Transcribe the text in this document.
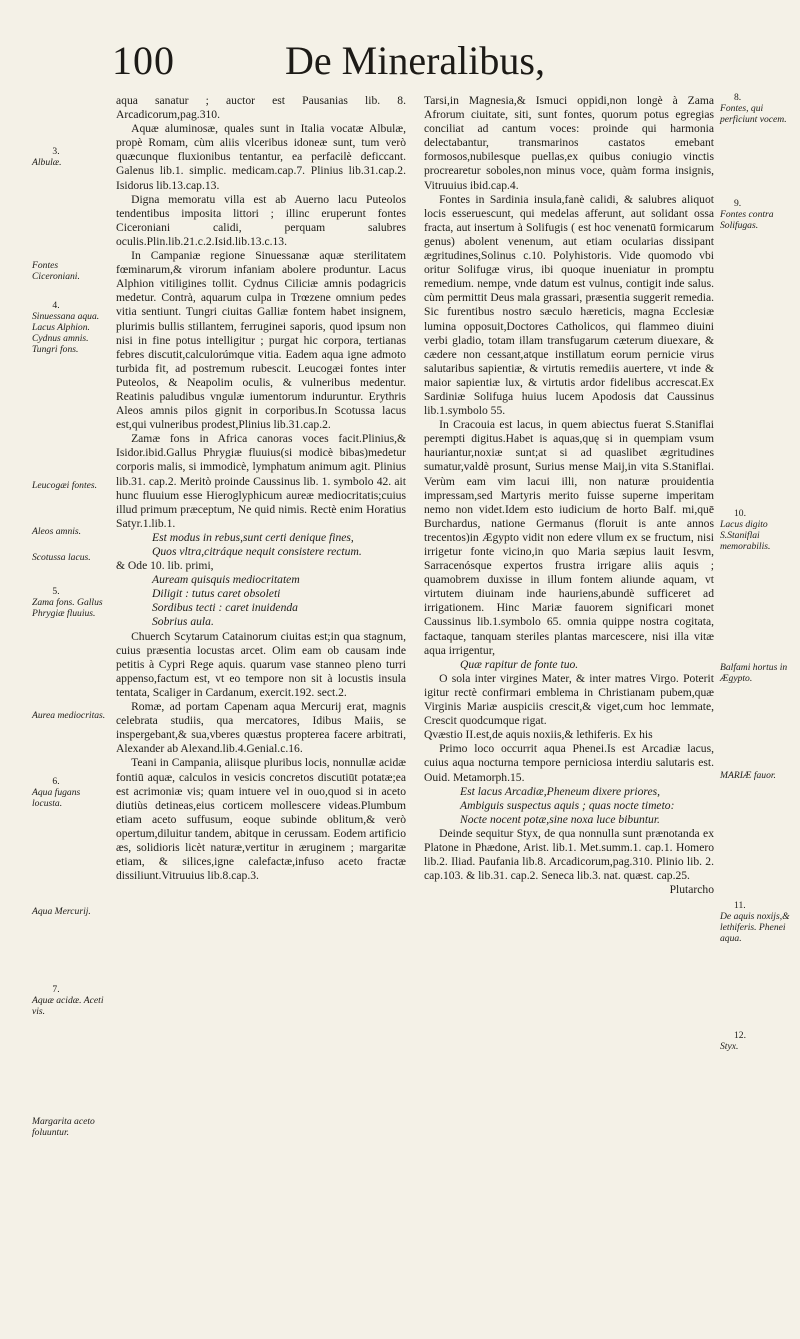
100	De Mineralibus,

aqua sanatur ; auctor est Pausanias lib. 8. Arcadicorum,pag.310.

Aquæ aluminosæ, quales sunt in Italia vocatæ Albulæ, propè Romam, cùm aliis vlceribus idoneæ sunt, tum verò quæcunque fluxionibus tentantur, ea perfacilè deficcant. Galenus lib.1. simplic. medicam.cap.7. Plinius lib.31.cap.2. Isidorus lib.13.cap.13.

Digna memoratu villa est ab Auerno lacu Puteolos tendentibus imposita littori ; illinc eruperunt fontes Ciceroniani calidi, perquam salubres oculis.Plin.lib.21.c.2.Isid.lib.13.c.13.

In Campaniæ regione Sinuessanæ aquæ sterilitatem fœminarum,& virorum infaniam abolere produntur. Lacus Alphion vitiligines tollit. Cydnus Ciliciæ amnis podagricis medetur. Contrà, aquarum culpa in Trœzene omnium pedes vitia sentiunt. Tungri ciuitas Galliæ fontem habet insignem, plurimis bullis stillantem, ferruginei saporis, quod ipsum non nisi in fine potus intelligitur ; purgat hic corpora, tertianas febres discutit,calculorúmque vitia. Eadem aqua igne admoto turbida fit, ad postremum rubescit. Leucogæi fontes inter Puteolos, & Neapolim oculis, & vulneribus medentur. Reatinis paludibus vngulæ iumentorum induruntur. Erythris Aleos amnis pilos gignit in corporibus.In Scotussa lacus est,qui vulneribus prodest,Plinius lib.31.cap.2.

Zamæ fons in Africa canoras voces facit.Plinius,& Isidor.ibid.Gallus Phrygiæ fluuius(si modicè bibas)medetur corporis malis, si immodicè, lymphatum animum agit. Plinius lib.31. cap.2. Meritò proinde Caussinus lib. 1. symbolo 42. ait hunc fluuium esse Hieroglyphicum aureæ mediocritatis;cuius illud primum præceptum, Ne quid nimis. Rectè enim Horatius Satyr.1.lib.1.

Est modus in rebus,sunt certi denique fines,

Quos vltra,citráque nequit consistere rectum.

& Ode 10. lib. primi,

Auream quisquis mediocritatem

Diligit : tutus caret obsoleti

Sordibus tecti : caret inuidenda

Sobrius aula.

Chuerch Scytarum Catainorum ciuitas est;in qua stagnum, cuius præsentia locustas arcet. Olim eam ob causam inde petitis à Cypri Rege aquis. quarum vase stanneo pleno turri appenso,factum est, vt eo tempore non sit à locustis insula tentata, Scaliger in Cardanum, exercit.192. sect.2.

Romæ, ad portam Capenam aqua Mercurij erat, magnis celebrata studiis, qua mercatores, Idibus Maiis, se inspergebant,& sua,vberes quæstus propterea facere arbitrati, Alexander ab Alexand.lib.4.Genial.c.16.

Teani in Campania, aliisque pluribus locis, nonnullæ acidæ fontiū aquæ, calculos in vesicis concretos discutiūt potatæ;ea est acrimoniæ vis; quam intuere vel in ouo,quod si in aceto diutiùs detineas,eius corticem mollescere videas.Plumbum etiam aceto suffusum, eoque subinde oblitum,& verò opertum,diluitur tandem, abitque in cerussam. Eodem artificio æs, solidioris licèt naturæ,vertitur in æruginem ; margaritæ etiam, & silices,igne calefactæ,infuso aceto fractæ dissiliunt.Vitruuius lib.8.cap.3.

Tarsi,in Magnesia,& Ismuci oppidi,non longè à Zama Afrorum ciuitate, siti, sunt fontes, quorum potus egregias conciliat ad cantum voces: proinde qui harmonia delectabantur, transmarinos castatos emebant formosos,nubilesque puellas,ex quibus coniugio vinctis procrearetur soboles,non minus voce, quàm forma insignis, Vitruuius ibid.cap.4.

Fontes in Sardinia insula,fanè calidi, & salubres aliquot locis esseruescunt, qui medelas afferunt, aut solidant ossa fracta, aut insertum à Solifugis ( est hoc venenatū formicarum genus) abolent venenum, aut etiam ocularias dissipant ægritudines,Solinus c.10. Polyhistoris. Vide quomodo vbi oritur Solifugæ virus, ibi quoque inueniatur in promptu remedium. nempe, vnde datum est vulnus, contigit inde salus. cùm permittit Deus mala grassari, præsentia suggerit remedia. Sic furentibus nostro sæculo hæreticis, magna Ecclesiæ lumina opposuit,Doctores Catholicos, qui flammeo diuini verbi gladio, totam illam transfugarum cæterum diuexare, & cædere non cessant,atque instillatum eorum pernicie virus salutaribus sapientiæ, & virtutis remediis auertere, vt inde & maior sapientiæ lux, & virtutis ardor fidelibus accrescat.Ex Sardiniæ Solifuga huius lucem Apodosis dat Caussinus lib.1.symbolo 55.

In Cracouia est lacus, in quem abiectus fuerat S.Staniflai perempti digitus.Habet is aquas,quę si in quempiam vsum hauriantur,noxiæ sunt;at si ad quaslibet ægritudines sumatur,valdè prosunt, Surius mense Maij,in vita S.Staniflai. Verùm eam vim lacui illi, non naturæ prouidentia impressam,sed Martyris merito fuisse superne imperitam nemo non videt.Idem esto iudicium de horto Balf. mi,quē Burchardus, natione Germanus (floruit is ante annos trecentos)in Ægypto vidit non edere vllum ex se fructum, nisi irrigetur fonte vicino,in quo Maria sæpius lauit Iesvm, Sarracenósque expertos frustra irrigare aliis aquis ; quamobrem duxisse in illum fontem aliunde aquam, vt virtutem diuinam inde hauriens,abundè sufficeret ad irrigationem. Hinc Mariæ fauorem significari monet Caussinus lib.1.symbolo 65. omnia quippe nostra cogitata, factaque, tanquam steriles plantas marcescere, nisi illa vitæ aqua irrigentur,

Quæ rapitur de fonte tuo.

O sola inter virgines Mater, & inter matres Virgo. Poterit igitur rectè confirmari emblema in Christianam pubem,quæ Virginis Mariæ auspiciis crescit,& viget,cum hoc lemmate, Crescit quodcumque rigat.

Qvæstio II.est,de aquis noxiis,& lethiferis. Ex his

Primo loco occurrit aqua Phenei.Is est Arcadiæ lacus, cuius aqua nocturna tempore perniciosa interdiu salutaris est. Ouid. Metamorph.15.

Est lacus Arcadiæ,Pheneum dixere priores,

Ambiguis suspectus aquis ; quas nocte timeto:

Nocte nocent potæ,sine noxa luce bibuntur.

Deinde sequitur Styx, de qua nonnulla sunt prænotanda ex Platone in Phædone, Arist. lib.1. Met.summ.1. cap.1. Homero lib.2. Iliad. Paufania lib.8. Arcadicorum,pag.310. Plinio lib. 2. cap.103. & lib.31. cap.2. Seneca lib.3. nat. quæst. cap.25.

Plutarcho

3.
Albulæ.
Fontes Ciceroniani.
4.
Sinuessana aqua. Lacus Alphion. Cydnus amnis. Tungri fons.
Leucogæi fontes.
Aleos amnis.
Scotussa lacus.
5.
Zama fons. Gallus Phrygiæ fluuius.
Aurea mediocritas.
6.
Aqua fugans locusta.
Aqua Mercurij.
7.
Aquæ acidæ. Aceti vis.
Margarita aceto foluuntur.
8.
Fontes, qui perficiunt vocem.
9.
Fontes contra Solifugas.
10.
Lacus digito S.Staniflai memorabilis.
Balfami hortus in Ægypto.
MARIÆ fauor.
11.
De aquis noxijs,& lethiferis. Phenei aqua.
12.
Styx.
